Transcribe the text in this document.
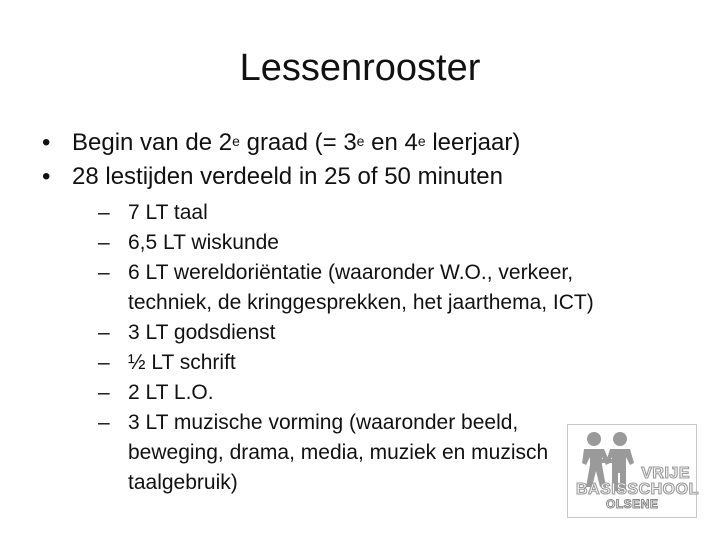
Lessenrooster
• Begin van de 2e graad (= $3^e$ en 4e leerjaar)
• 28 lestijden verdeeld in 25 of 50 minuten
– 7 LT taal
– 6,5 LT wiskunde
– 6 LT wereldoriëntatie (waaronder W.O., verkeer,
techniek, de kringgesprekken, het jaarthema, ICT)
– 3 LT godsdienst
– ½ LT schrift
– 2 LT L.O.
– 3 LT muzische vorming (waaronder beeld,
beweging, drama, media, muziek en muzisch
taalgebruik)	VRIJE
BASISSCHOOL
OLSENE
